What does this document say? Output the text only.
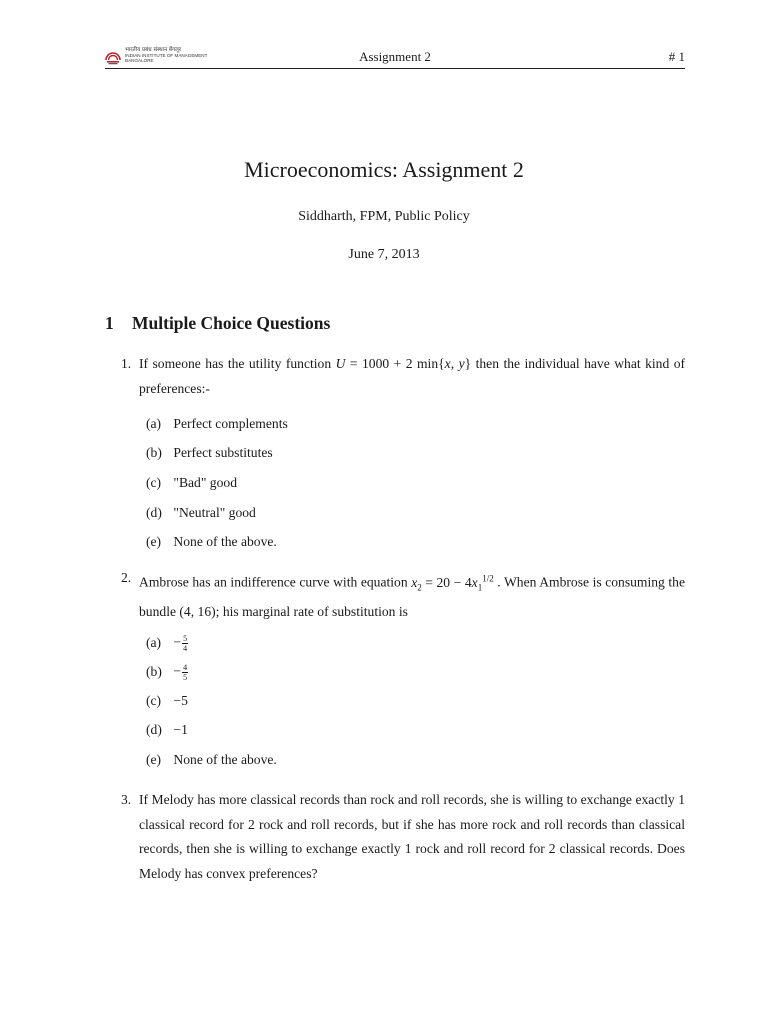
भारतीय प्रबंध संस्थान बेंगलूर
INDIAN INSTITUTE OF MANAGEMENT
BANGALORE	Assignment 2	# 1
Microeconomics: Assignment 2
Siddharth, FPM, Public Policy
June 7, 2013
1 Multiple Choice Questions
1. If someone has the utility function U = 1000 + 2 min{x, y} then the individual have what kind of preferences:-
(a) Perfect complements
(b) Perfect substitutes
(c) "Bad" good
(d) "Neutral" good
(e) None of the above.
2. Ambrose has an indifference curve with equation $x_2 = 20 - 4x_1^{1/2}$ . When Ambrose is consuming the bundle (4, 16); his marginal rate of substitution is
$(a) - \frac{5}{4}$
$(b) - \frac{4}{5}$
(c) −5
(d) −1
(e) None of the above.
3. If Melody has more classical records than rock and roll records, she is willing to exchange exactly 1 classical record for 2 rock and roll records, but if she has more rock and roll records than classical records, then she is willing to exchange exactly 1 rock and roll record for 2 classical records. Does Melody has convex preferences?
